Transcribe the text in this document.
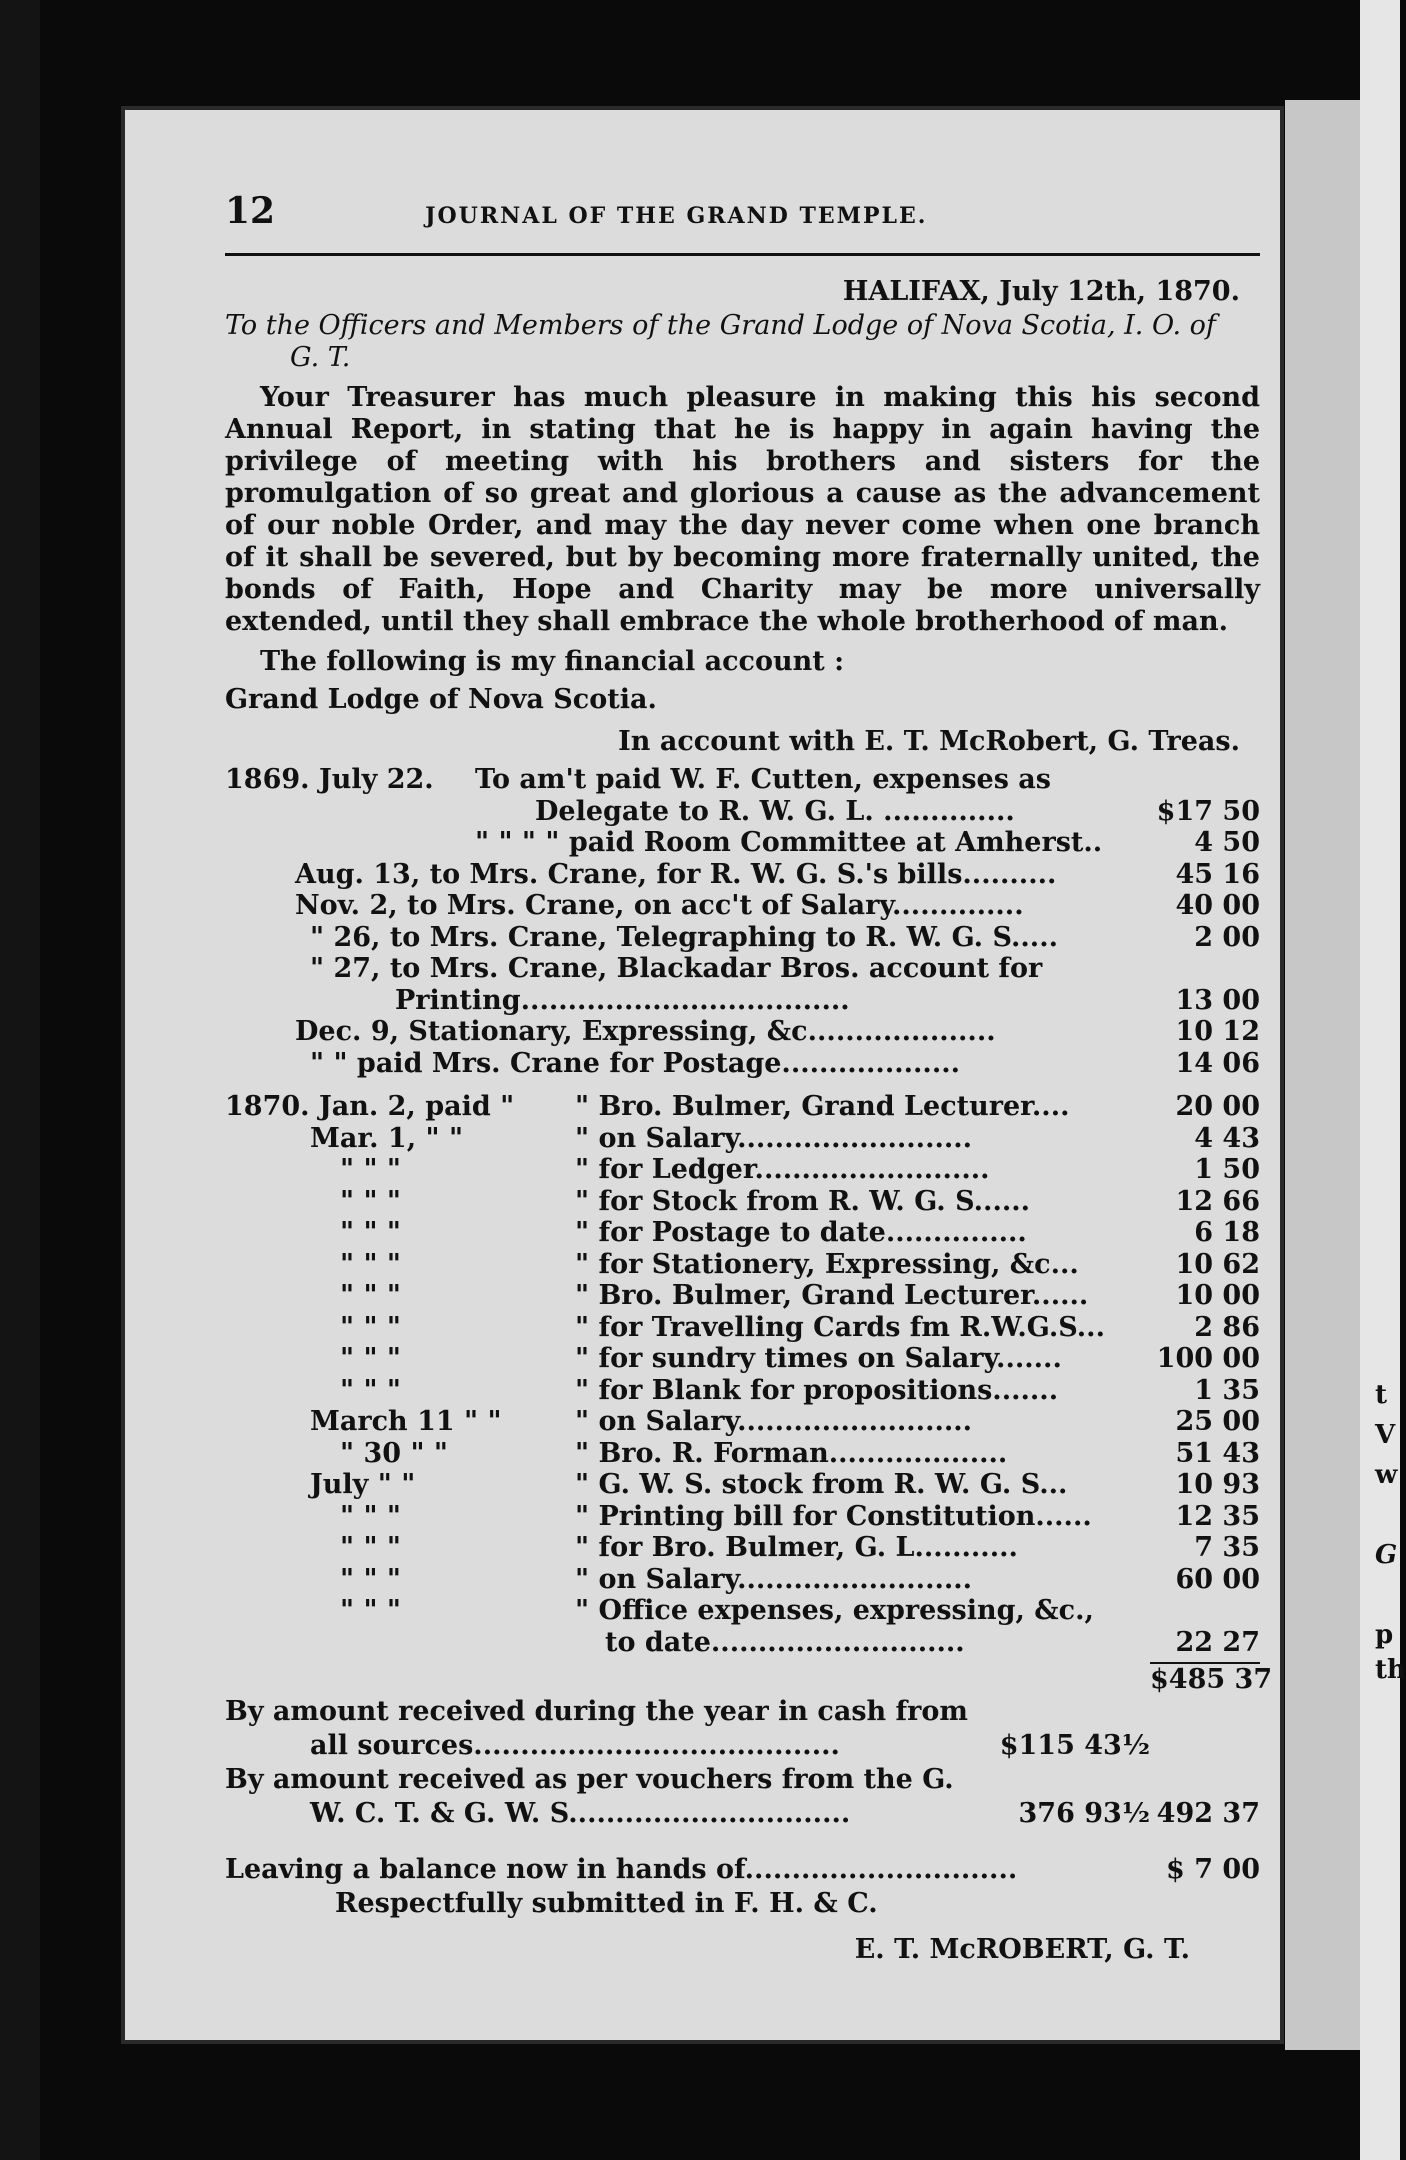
t
V
w
G
p
th
12	JOURNAL OF THE GRAND TEMPLE.
HALIFAX, July 12th, 1870.
To the Officers and Members of the Grand Lodge of Nova Scotia, I. O. of
G. T.
Your Treasurer has much pleasure in making this his second Annual Report, in stating that he is happy in again having the privilege of meeting with his brothers and sisters for the promulgation of so great and glorious a cause as the advancement of our noble Order, and may the day never come when one branch of it shall be severed, but by becoming more fraternally united, the bonds of Faith, Hope and Charity may be more universally extended, until they shall embrace the whole brotherhood of man.
The following is my financial account :
Grand Lodge of Nova Scotia.
In account with E. T. McRobert, G. Treas.
1869. July 22.	To am't paid W. F. Cutten, expenses as
Delegate to R. W. G. L. ..............	$17 50
" " " " paid Room Committee at Amherst..	4 50
Aug. 13, to Mrs. Crane, for R. W. G. S.'s bills..........	45 16
Nov. 2, to Mrs. Crane, on acc't of Salary..............	40 00
" 26, to Mrs. Crane, Telegraphing to R. W. G. S.....	2 00
" 27, to Mrs. Crane, Blackadar Bros. account for
Printing...................................	13 00
Dec. 9, Stationary, Expressing, &c....................	10 12
" " paid Mrs. Crane for Postage...................	14 06
1870. Jan. 2, paid "	" Bro. Bulmer, Grand Lecturer....	20 00
Mar. 1, " "	" on Salary.........................	4 43
" " "	" for Ledger.........................	1 50
" " "	" for Stock from R. W. G. S......	12 66
" " "	" for Postage to date...............	6 18
" " "	" for Stationery, Expressing, &c...	10 62
" " "	" Bro. Bulmer, Grand Lecturer......	10 00
" " "	" for Travelling Cards fm R.W.G.S...	2 86
" " "	" for sundry times on Salary.......	100 00
" " "	" for Blank for propositions.......	1 35
March 11 " "	" on Salary.........................	25 00
" 30 " "	" Bro. R. Forman...................	51 43
July " "	" G. W. S. stock from R. W. G. S...	10 93
" " "	" Printing bill for Constitution......	12 35
" " "	" for Bro. Bulmer, G. L...........	7 35
" " "	" on Salary.........................	60 00
" " "	" Office expenses, expressing, &c.,
to date...........................	22 27
$485 37
By amount received during the year in cash from
all sources.......................................	$115 43½
By amount received as per vouchers from the G.
W. C. T. & G. W. S..............................	376 93½ 492 37
Leaving a balance now in hands of.............................	$ 7 00
Respectfully submitted in F. H. & C.
E. T. McROBERT, G. T.
